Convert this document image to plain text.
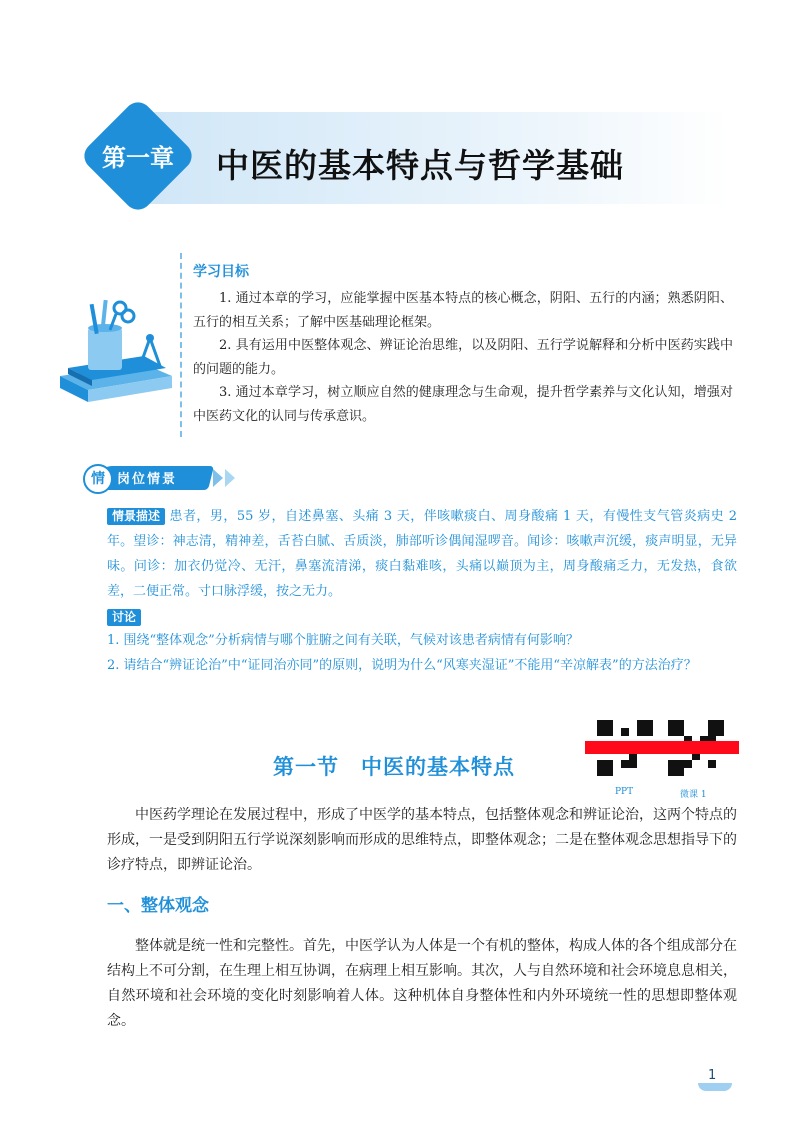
第一章	中医的基本特点与哲学基础
学习目标

1. 通过本章的学习，应能掌握中医基本特点的核心概念，阴阳、五行的内涵；熟悉阴阳、五行的相互关系；了解中医基础理论框架。

2. 具有运用中医整体观念、辨证论治思维，以及阴阳、五行学说解释和分析中医药实践中的问题的能力。

3. 通过本章学习，树立顺应自然的健康理念与生命观，提升哲学素养与文化认知，增强对中医药文化的认同与传承意识。

情 岗位情景
情景描述 患者，男，55 岁，自述鼻塞、头痛 3 天，伴咳嗽痰白、周身酸痛 1 天，有慢性支气管炎病史 2 年。望诊：神志清，精神差，舌苔白腻、舌质淡，肺部听诊偶闻湿啰音。闻诊：咳嗽声沉缓，痰声明显，无异味。问诊：加衣仍觉冷、无汗，鼻塞流清涕，痰白黏难咳，头痛以巅顶为主，周身酸痛乏力，无发热，食欲差，二便正常。寸口脉浮缓，按之无力。
讨论

1. 围绕“整体观念”分析病情与哪个脏腑之间有关联，气候对该患者病情有何影响？

2. 请结合“辨证论治”中“证同治亦同”的原则，说明为什么“风寒夹湿证”不能用“辛凉解表”的方法治疗？

第一节　中医的基本特点
PPT	微课 1

中医药学理论在发展过程中，形成了中医学的基本特点，包括整体观念和辨证论治，这两个特点的形成，一是受到阴阳五行学说深刻影响而形成的思维特点，即整体观念；二是在整体观念思想指导下的诊疗特点，即辨证论治。

一、整体观念

整体就是统一性和完整性。首先，中医学认为人体是一个有机的整体，构成人体的各个组成部分在结构上不可分割，在生理上相互协调，在病理上相互影响。其次，人与自然环境和社会环境息息相关，自然环境和社会环境的变化时刻影响着人体。这种机体自身整体性和内外环境统一性的思想即整体观念。

1
